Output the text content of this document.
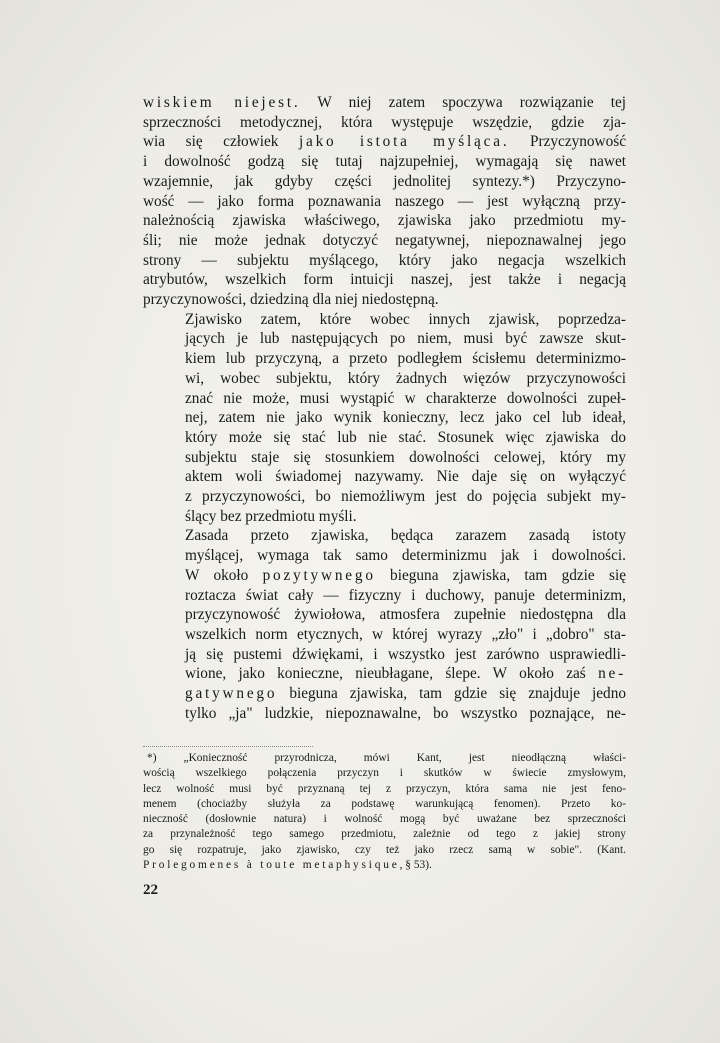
wiskiem niejest. W niej zatem spoczywa rozwiązanie tej
sprzeczności metodycznej, która występuje wszędzie, gdzie zja-
wia się człowiek jako istota myśląca. Przyczynowość
i dowolność godzą się tutaj najzupełniej, wymagają się nawet
wzajemnie, jak gdyby części jednolitej syntezy.*) Przyczyno-
wość — jako forma poznawania naszego — jest wyłączną przy-
należnością zjawiska właściwego, zjawiska jako przedmiotu my-
śli; nie może jednak dotyczyć negatywnej, niepoznawalnej jego
strony — subjektu myślącego, który jako negacja wszelkich
atrybutów, wszelkich form intuicji naszej, jest także i negacją
przyczynowości, dziedziną dla niej niedostępną.

Zjawisko zatem, które wobec innych zjawisk, poprzedza-
jących je lub następujących po niem, musi być zawsze skut-
kiem lub przyczyną, a przeto podległem ścisłemu determinizmo-
wi, wobec subjektu, który żadnych więzów przyczynowości
znać nie może, musi wystąpić w charakterze dowolności zupeł-
nej, zatem nie jako wynik konieczny, lecz jako cel lub ideał,
który może się stać lub nie stać. Stosunek więc zjawiska do
subjektu staje się stosunkiem dowolności celowej, który my
aktem woli świadomej nazywamy. Nie daje się on wyłączyć
z przyczynowości, bo niemożliwym jest do pojęcia subjekt my-
ślący bez przedmiotu myśli.

Zasada przeto zjawiska, będąca zarazem zasadą istoty
myślącej, wymaga tak samo determinizmu jak i dowolności.
W około pozytywnego bieguna zjawiska, tam gdzie się
roztacza świat cały — fizyczny i duchowy, panuje determinizm,
przyczynowość żywiołowa, atmosfera zupełnie niedostępna dla
wszelkich norm etycznych, w której wyrazy „zło" i „dobro" sta-
ją się pustemi dźwiękami, i wszystko jest zarówno usprawiedli-
wione, jako konieczne, nieubłagane, ślepe. W około zaś ne-
gatywnego bieguna zjawiska, tam gdzie się znajduje jedno
tylko „ja" ludzkie, niepoznawalne, bo wszystko poznające, ne-

*) „Konieczność przyrodnicza, mówi Kant, jest nieodłączną właści-
wością wszelkiego połączenia przyczyn i skutków w świecie zmysłowym,
lecz wolność musi być przyznaną tej z przyczyn, która sama nie jest feno-
menem (chociażby służyła za podstawę warunkującą fenomen). Przeto ko-
nieczność (dosłownie natura) i wolność mogą być uważane bez sprzeczności
za przynależność tego samego przedmiotu, zależnie od tego z jakiej strony
go się rozpatruje, jako zjawisko, czy też jako rzecz samą w sobie". (Kant.
Prolegomenes à toute metaphysique, § 53).
22
